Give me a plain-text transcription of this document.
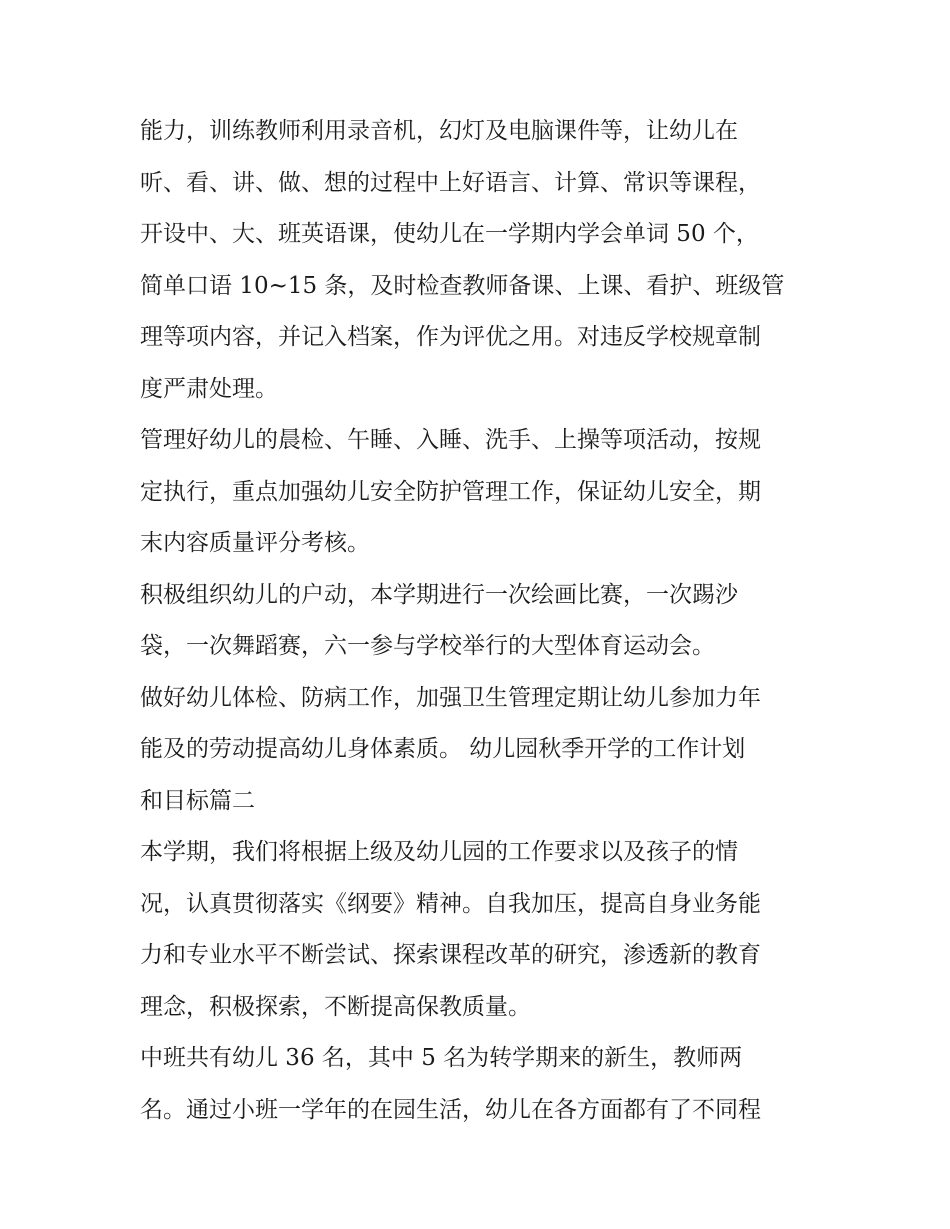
能力，训练教师利用录音机，幻灯及电脑课件等，让幼儿在
听、看、讲、做、想的过程中上好语言、计算、常识等课程，
开设中、大、班英语课，使幼儿在一学期内学会单词 50 个，
简单口语 10~15 条，及时检查教师备课、上课、看护、班级管
理等项内容，并记入档案，作为评优之用。对违反学校规章制
度严肃处理。
管理好幼儿的晨检、午睡、入睡、洗手、上操等项活动，按规
定执行，重点加强幼儿安全防护管理工作，保证幼儿安全，期
末内容质量评分考核。
积极组织幼儿的户动，本学期进行一次绘画比赛，一次踢沙
袋，一次舞蹈赛，六一参与学校举行的大型体育运动会。
做好幼儿体检、防病工作，加强卫生管理定期让幼儿参加力年
能及的劳动提高幼儿身体素质。 幼儿园秋季开学的工作计划
和目标篇二
本学期，我们将根据上级及幼儿园的工作要求以及孩子的情
况，认真贯彻落实《纲要》精神。自我加压，提高自身业务能
力和专业水平不断尝试、探索课程改革的研究，渗透新的教育
理念，积极探索，不断提高保教质量。
中班共有幼儿 36 名，其中 5 名为转学期来的新生，教师两
名。通过小班一学年的在园生活，幼儿在各方面都有了不同程
